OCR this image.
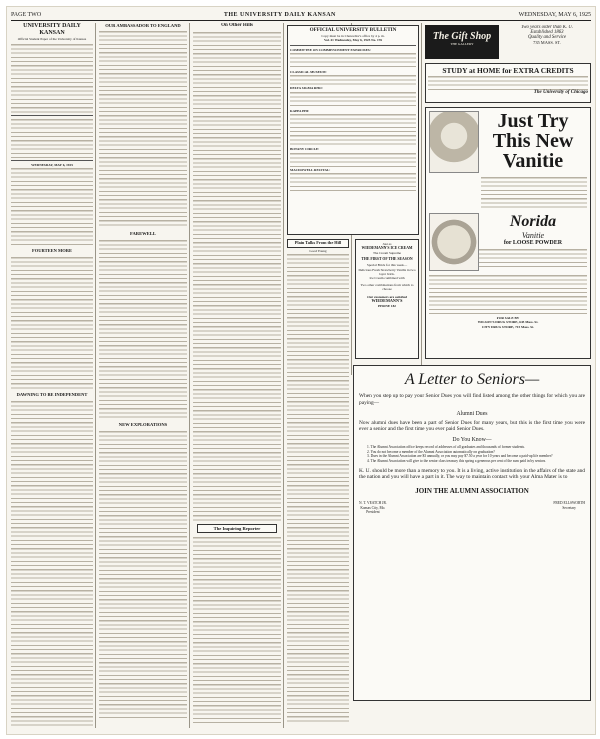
PAGE TWO	THE UNIVERSITY DAILY KANSAN	WEDNESDAY, MAY 6, 1925
UNIVERSITY DAILY KANSAN
Official Student Paper of the University of Kansas
WEDNESDAY, MAY 6, 1925
FOURTEEN MORE
DAWNING TO BE INDEPENDENT
OUR AMBASSADOR TO ENGLAND
FAREWELL
NEW EXPLORATIONS
On Other Hills
The Inquiring Reporter
OFFICIAL UNIVERSITY BULLETIN
Copy must be in Chancellor's office by 4 p. m.
Vol. 41 Wednesday, May 6, 1925 No. 176
COMMITTEE ON COMMENCEMENT EXERCISES:
CLASSICAL MUSEUM:
DELTA SIGMA RHO:
KAPPA PHI:
BOTANY CIRCLE:
MACDOWELL RECITAL:
Plain Talks From the Hill
Good Young
Just as
WIEDEMANN'S ICE CREAM
The Cream Supreme
THE FIRST OF THE SEASON
Special Brick for this week—
Delicious Fresh Strawberry Vanilla in two layer brick.
Ice Cream combined with
Two other combinations from which to choose
Our customers are satisfied
WIEDEMANN'S
PHONE 182
The Gift Shop
THE GALLERY
Two years older than K. U.
Established 1863
Quality and Service
735 MASS. ST.
STUDY at HOME for EXTRA CREDITS
The University of Chicago
Just Try
This New
Vanitie
Norida
Vanitie
for LOOSE POWDER
FOR SALE BY
WILSON'S DRUG STORE, 645 Mass. St.
CITY DRUG STORE, 715 Mass. St.
A Letter to Seniors—
When you step up to pay your Senior Dues you will find listed among the other things for which you are paying—
Alumni Dues
Now alumni dues have been a part of Senior Dues for many years, but this is the first time you were ever a senior and the first time you ever paid Senior Dues.
Do You Know—
1. The Alumni Association office keeps record of addresses of all graduates and thousands of former students.
2. You do not become a member of the Alumni Association automatically on graduation?
3. Dues in the Alumni Association are $3 annually, or you may pay $7.50 a year for 10 years and become a paid-up life member?
4. The Alumni Association will give to the senior class treasury this spring a generous per cent of the sum paid in by seniors.
K. U. should be more than a memory to you. It is a living, active institution in the affairs of the state and the nation and you will have a part in it. The way to maintain contact with your Alma Mater is to
JOIN THE ALUMNI ASSOCIATION
N. T. VEATCH JR.
Kansas City, Mo.
President
FRED ELLSWORTH
Secretary
